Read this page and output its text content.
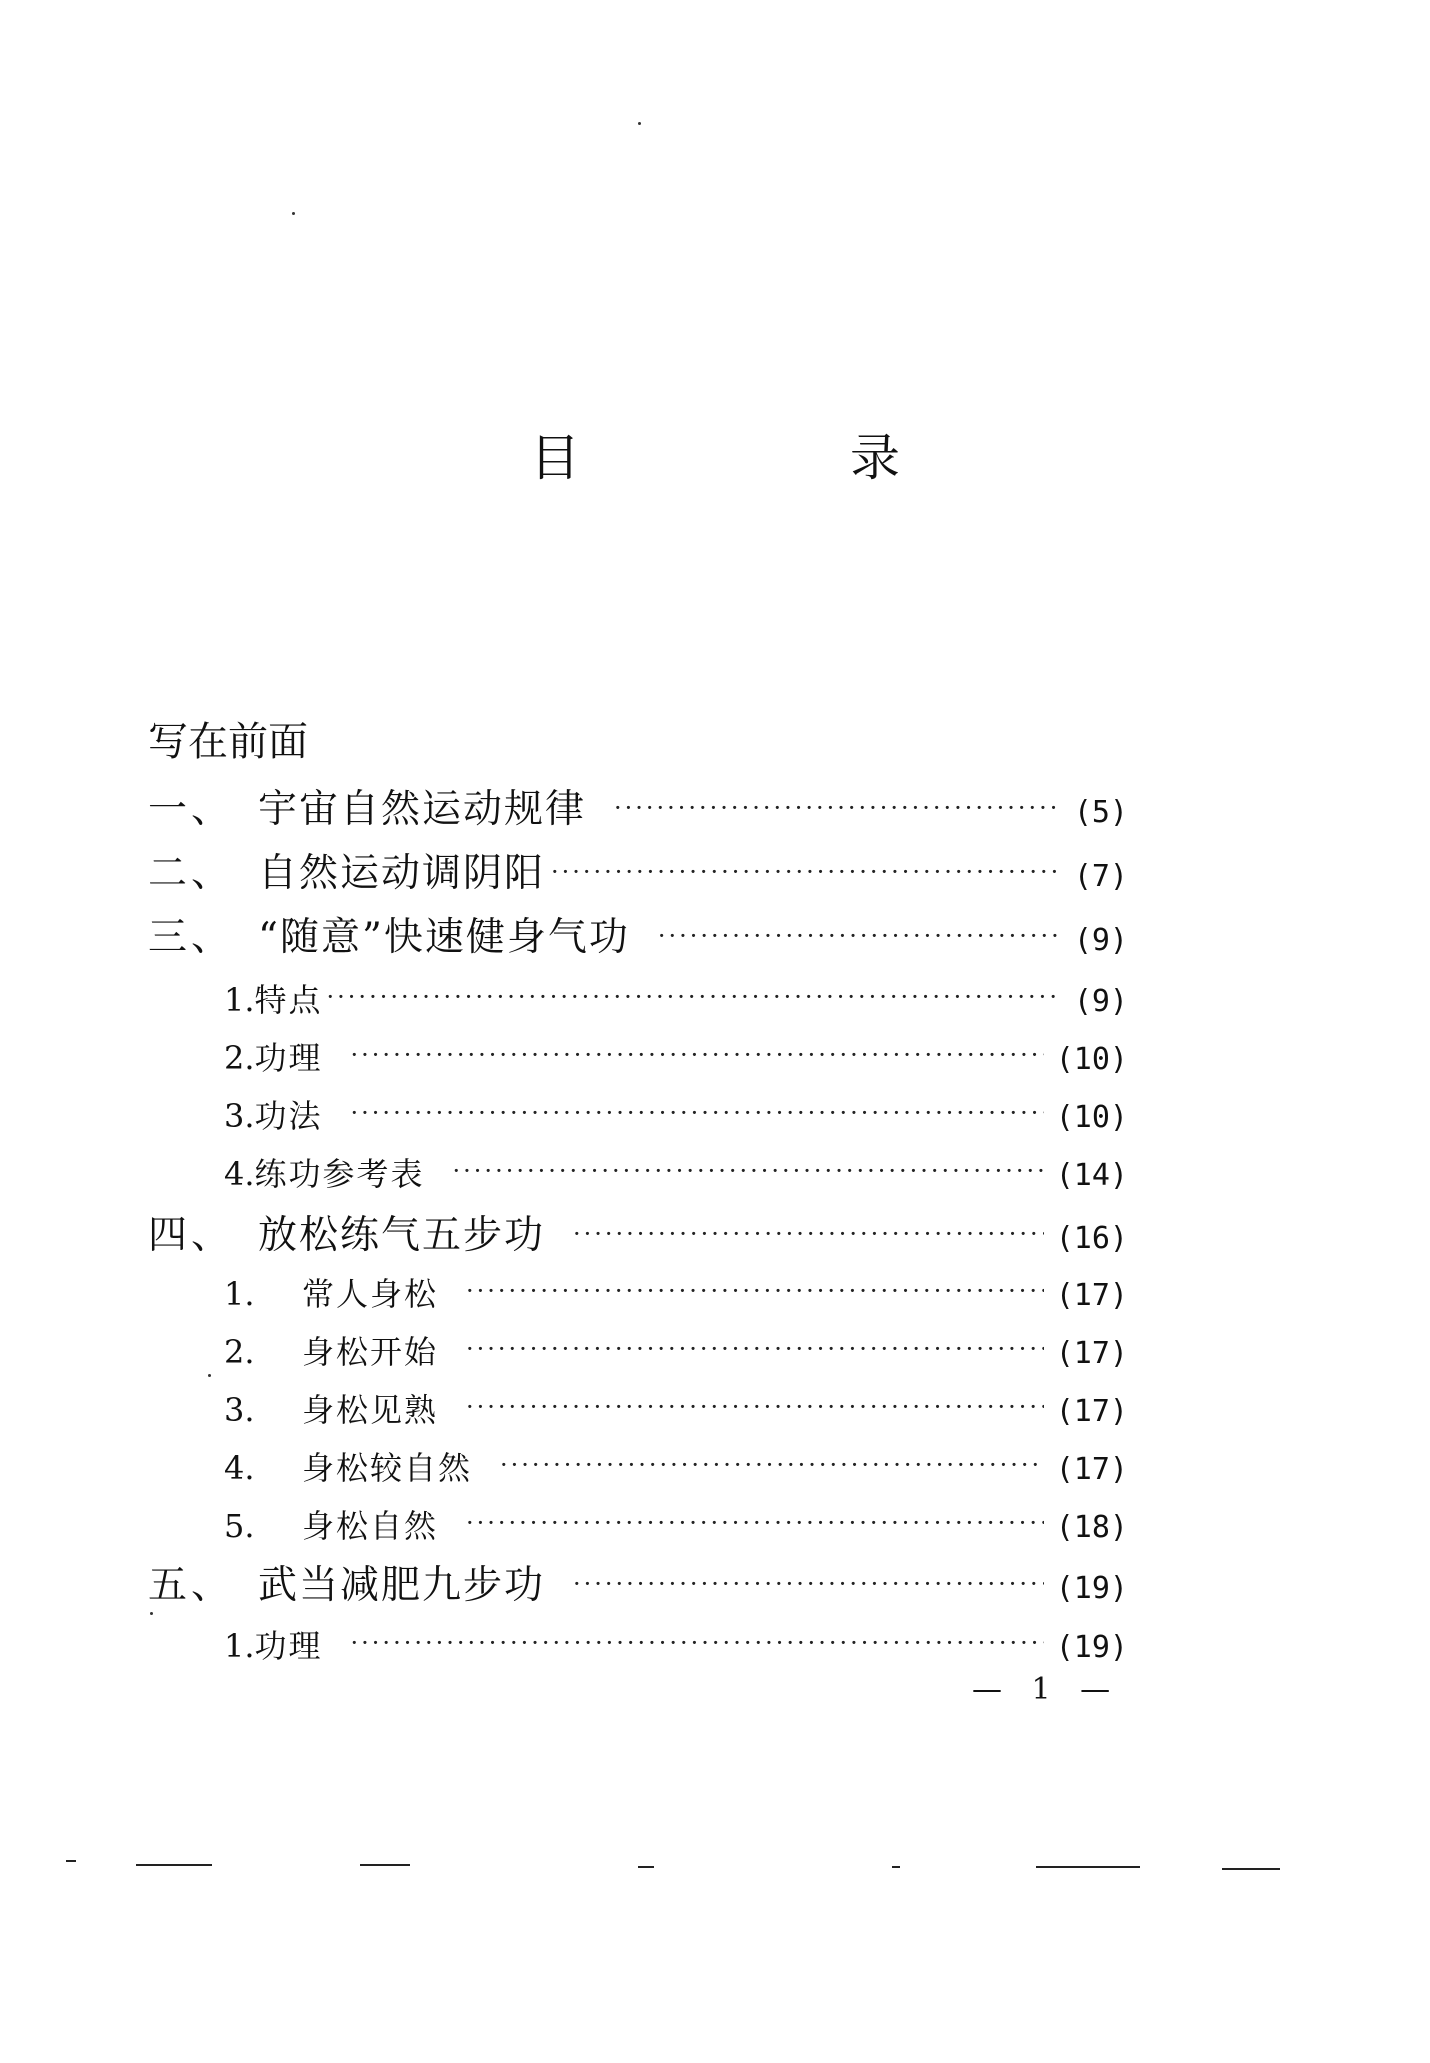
目　录
写在前面
一、 宇宙自然运动规律 ·····	(5)
二、 自然运动调阴阳 ·····	(7)
三、 “随意”快速健身气功 ·····	(9)
1. 特点 ·····	(9)
2. 功理 ·····	(10)
3. 功法 ·····	(10)
4. 练功参考表 ·····	(14)
四、 放松练气五步功 ·····	(16)
1.	常人身松 ·····	(17)
2.	身松开始 ·····	(17)
3.	身松见熟 ·····	(17)
4.	身松较自然 ·····	(17)
5.	身松自然 ·····	(18)
五、 武当减肥九步功 ·····	(19)
1. 功理 ·····	(19)
— 1 —
